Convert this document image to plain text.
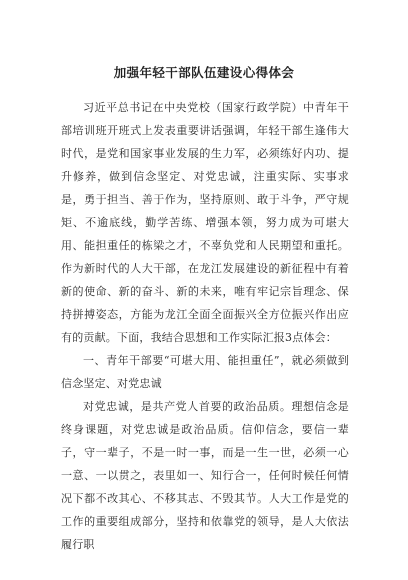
加强年轻干部队伍建设心得体会

习近平总书记在中央党校（国家行政学院）中青年干部培训班开班式上发表重要讲话强调，年轻干部生逢伟大时代，是党和国家事业发展的生力军，必须练好内功、提升修养，做到信念坚定、对党忠诚，注重实际、实事求是，勇于担当、善于作为，坚持原则、敢于斗争，严守规矩、不逾底线，勤学苦练、增强本领，努力成为可堪大用、能担重任的栋梁之才，不辜负党和人民期望和重托。作为新时代的人大干部，在龙江发展建设的新征程中有着新的使命、新的奋斗、新的未来，唯有牢记宗旨理念、保持拼搏姿态，方能为龙江全面全面振兴全方位振兴作出应有的贡献。下面，我结合思想和工作实际汇报3点体会：

一、青年干部要“可堪大用、能担重任”，就必须做到信念坚定、对党忠诚

对党忠诚，是共产党人首要的政治品质。理想信念是终身课题，对党忠诚是政治品质。信仰信念，要信一辈子，守一辈子，不是一时一事，而是一生一世，必须一心一意、一以贯之，表里如一、知行合一，任何时候任何情况下都不改其心、不移其志、不毁其节。人大工作是党的工作的重要组成部分，坚持和依靠党的领导，是人大依法履行职
